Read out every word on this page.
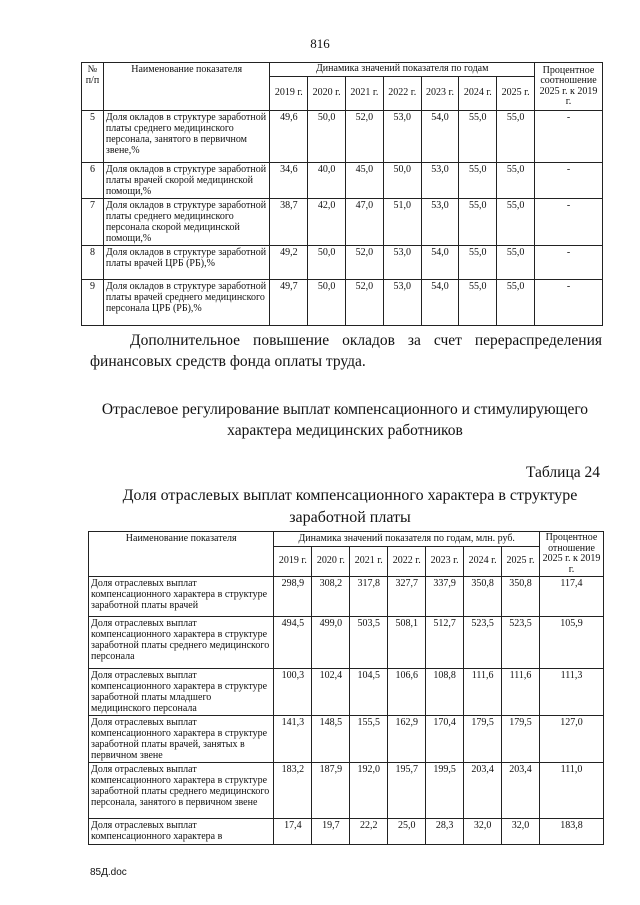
816
№ п/п	Наименование показателя	Динамика значений показателя по годам							Процентное соотношение 2025 г. к 2019 г.
		2019 г.	2020 г.	2021 г.	2022 г.	2023 г.	2024 г.	2025 г.	
5	Доля окладов в структуре заработной платы среднего медицинского персонала, занятого в первичном звене,%	49,6	50,0	52,0	53,0	54,0	55,0	55,0	-
6	Доля окладов в структуре заработной платы врачей скорой медицинской помощи,%	34,6	40,0	45,0	50,0	53,0	55,0	55,0	-
7	Доля окладов в структуре заработной платы среднего медицинского персонала скорой медицинской помощи,%	38,7	42,0	47,0	51,0	53,0	55,0	55,0	-
8	Доля окладов в структуре заработной платы врачей ЦРБ (РБ),%	49,2	50,0	52,0	53,0	54,0	55,0	55,0	-
9	Доля окладов в структуре заработной платы врачей среднего медицинского персонала ЦРБ (РБ),%	49,7	50,0	52,0	53,0	54,0	55,0	55,0	-
Дополнительное повышение окладов за счет перераспределения
финансовых средств фонда оплаты труда.
Отраслевое регулирование выплат компенсационного и стимулирующего
характера медицинских работников
Таблица 24
Доля отраслевых выплат компенсационного характера в структуре
заработной платы
Наименование показателя	Динамика значений показателя по годам, млн. руб.							Процентное отношение 2025 г. к 2019 г.
	2019 г.	2020 г.	2021 г.	2022 г.	2023 г.	2024 г.	2025 г.	
Доля отраслевых выплат компенсационного характера в структуре заработной платы врачей	298,9	308,2	317,8	327,7	337,9	350,8	350,8	117,4
Доля отраслевых выплат компенсационного характера в структуре заработной платы среднего медицинского персонала	494,5	499,0	503,5	508,1	512,7	523,5	523,5	105,9
Доля отраслевых выплат компенсационного характера в структуре заработной платы младшего медицинского персонала	100,3	102,4	104,5	106,6	108,8	111,6	111,6	111,3
Доля отраслевых выплат компенсационного характера в структуре заработной платы врачей, занятых в первичном звене	141,3	148,5	155,5	162,9	170,4	179,5	179,5	127,0
Доля отраслевых выплат компенсационного характера в структуре заработной платы среднего медицинского персонала, занятого в первичном звене	183,2	187,9	192,0	195,7	199,5	203,4	203,4	111,0
Доля отраслевых выплат компенсационного характера в	17,4	19,7	22,2	25,0	28,3	32,0	32,0	183,8
85Д.doc
